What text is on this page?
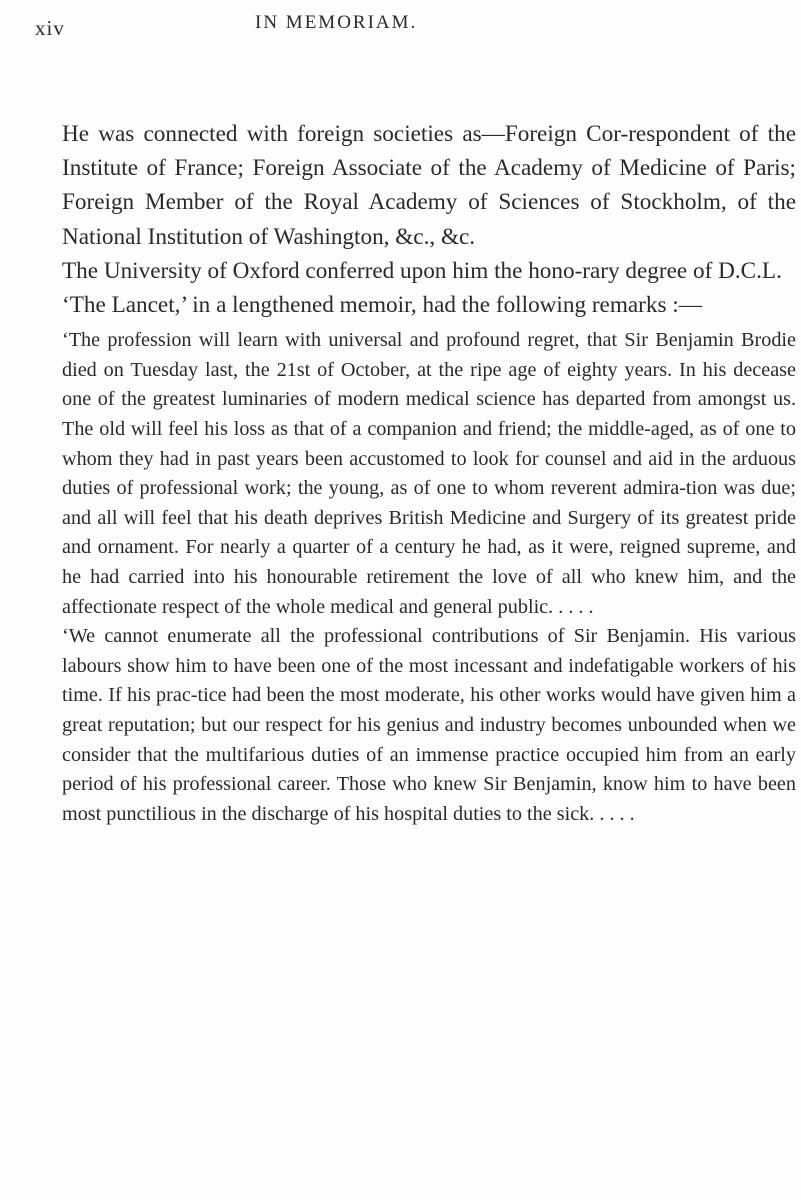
xiv	IN MEMORIAM.

He was connected with foreign societies as—Foreign Cor-respondent of the Institute of France; Foreign Associate of the Academy of Medicine of Paris; Foreign Member of the Royal Academy of Sciences of Stockholm, of the National Institution of Washington, &c., &c.

The University of Oxford conferred upon him the hono-rary degree of D.C.L.

‘The Lancet,’ in a lengthened memoir, had the following remarks :—

‘The profession will learn with universal and profound regret, that Sir Benjamin Brodie died on Tuesday last, the 21st of October, at the ripe age of eighty years. In his decease one of the greatest luminaries of modern medical science has departed from amongst us. The old will feel his loss as that of a companion and friend; the middle-aged, as of one to whom they had in past years been accustomed to look for counsel and aid in the arduous duties of professional work; the young, as of one to whom reverent admira-tion was due; and all will feel that his death deprives British Medicine and Surgery of its greatest pride and ornament. For nearly a quarter of a century he had, as it were, reigned supreme, and he had carried into his honourable retirement the love of all who knew him, and the affectionate respect of the whole medical and general public. . . . .

‘We cannot enumerate all the professional contributions of Sir Benjamin. His various labours show him to have been one of the most incessant and indefatigable workers of his time. If his prac-tice had been the most moderate, his other works would have given him a great reputation; but our respect for his genius and industry becomes unbounded when we consider that the multifarious duties of an immense practice occupied him from an early period of his professional career. Those who knew Sir Benjamin, know him to have been most punctilious in the discharge of his hospital duties to the sick. . . . .
